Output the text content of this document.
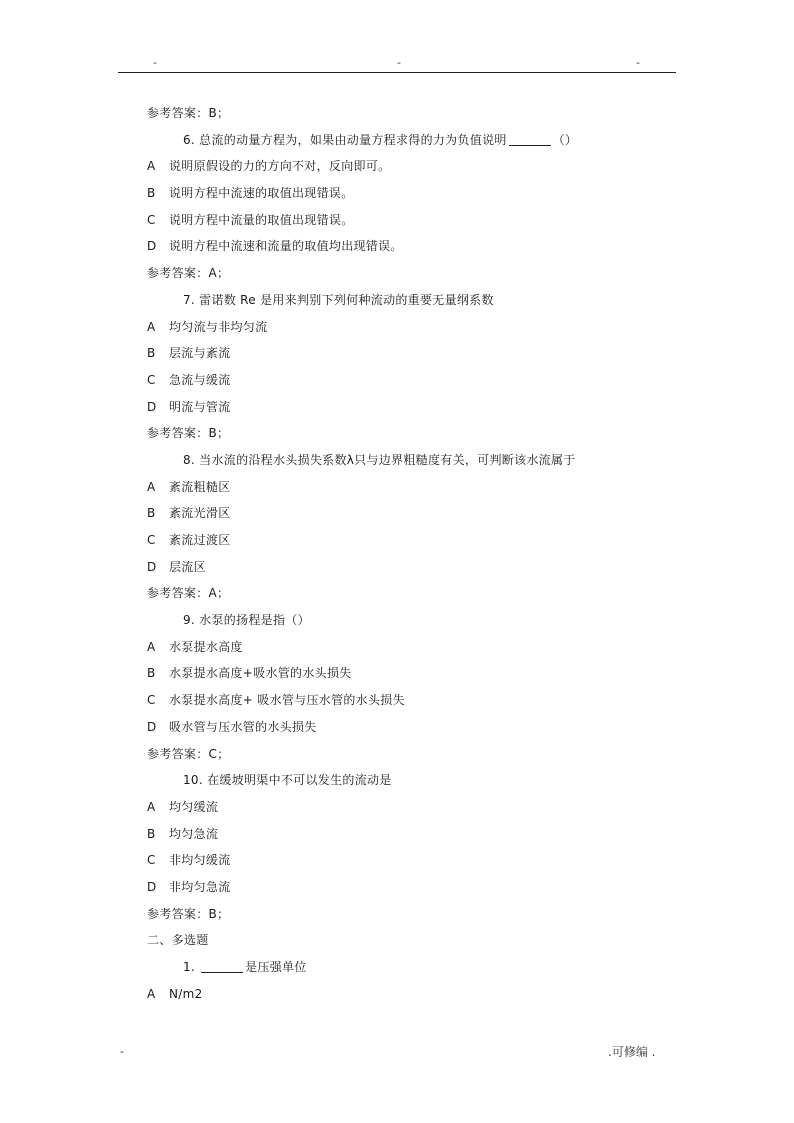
-	-	-
参考答案：B；
6. 总流的动量方程为，如果由动量方程求得的力为负值说明	（）
A 说明原假设的力的方向不对，反向即可。
B 说明方程中流速的取值出现错误。
C 说明方程中流量的取值出现错误。
D 说明方程中流速和流量的取值均出现错误。
参考答案：A；
7. 雷诺数 Re 是用来判别下列何种流动的重要无量纲系数
A 均匀流与非均匀流
B 层流与紊流
C 急流与缓流
D 明流与管流
参考答案：B；
8. 当水流的沿程水头损失系数λ只与边界粗糙度有关，可判断该水流属于
A 紊流粗糙区
B 紊流光滑区
C 紊流过渡区
D 层流区
参考答案：A；
9. 水泵的扬程是指（）
A 水泵提水高度
B 水泵提水高度+吸水管的水头损失
C 水泵提水高度+ 吸水管与压水管的水头损失
D 吸水管与压水管的水头损失
参考答案：C；
10. 在缓坡明渠中不可以发生的流动是
A 均匀缓流
B 均匀急流
C 非均匀缓流
D 非均匀急流
参考答案：B；
二、多选题
1.	是压强单位
A N/m2
-	.可修编 .
